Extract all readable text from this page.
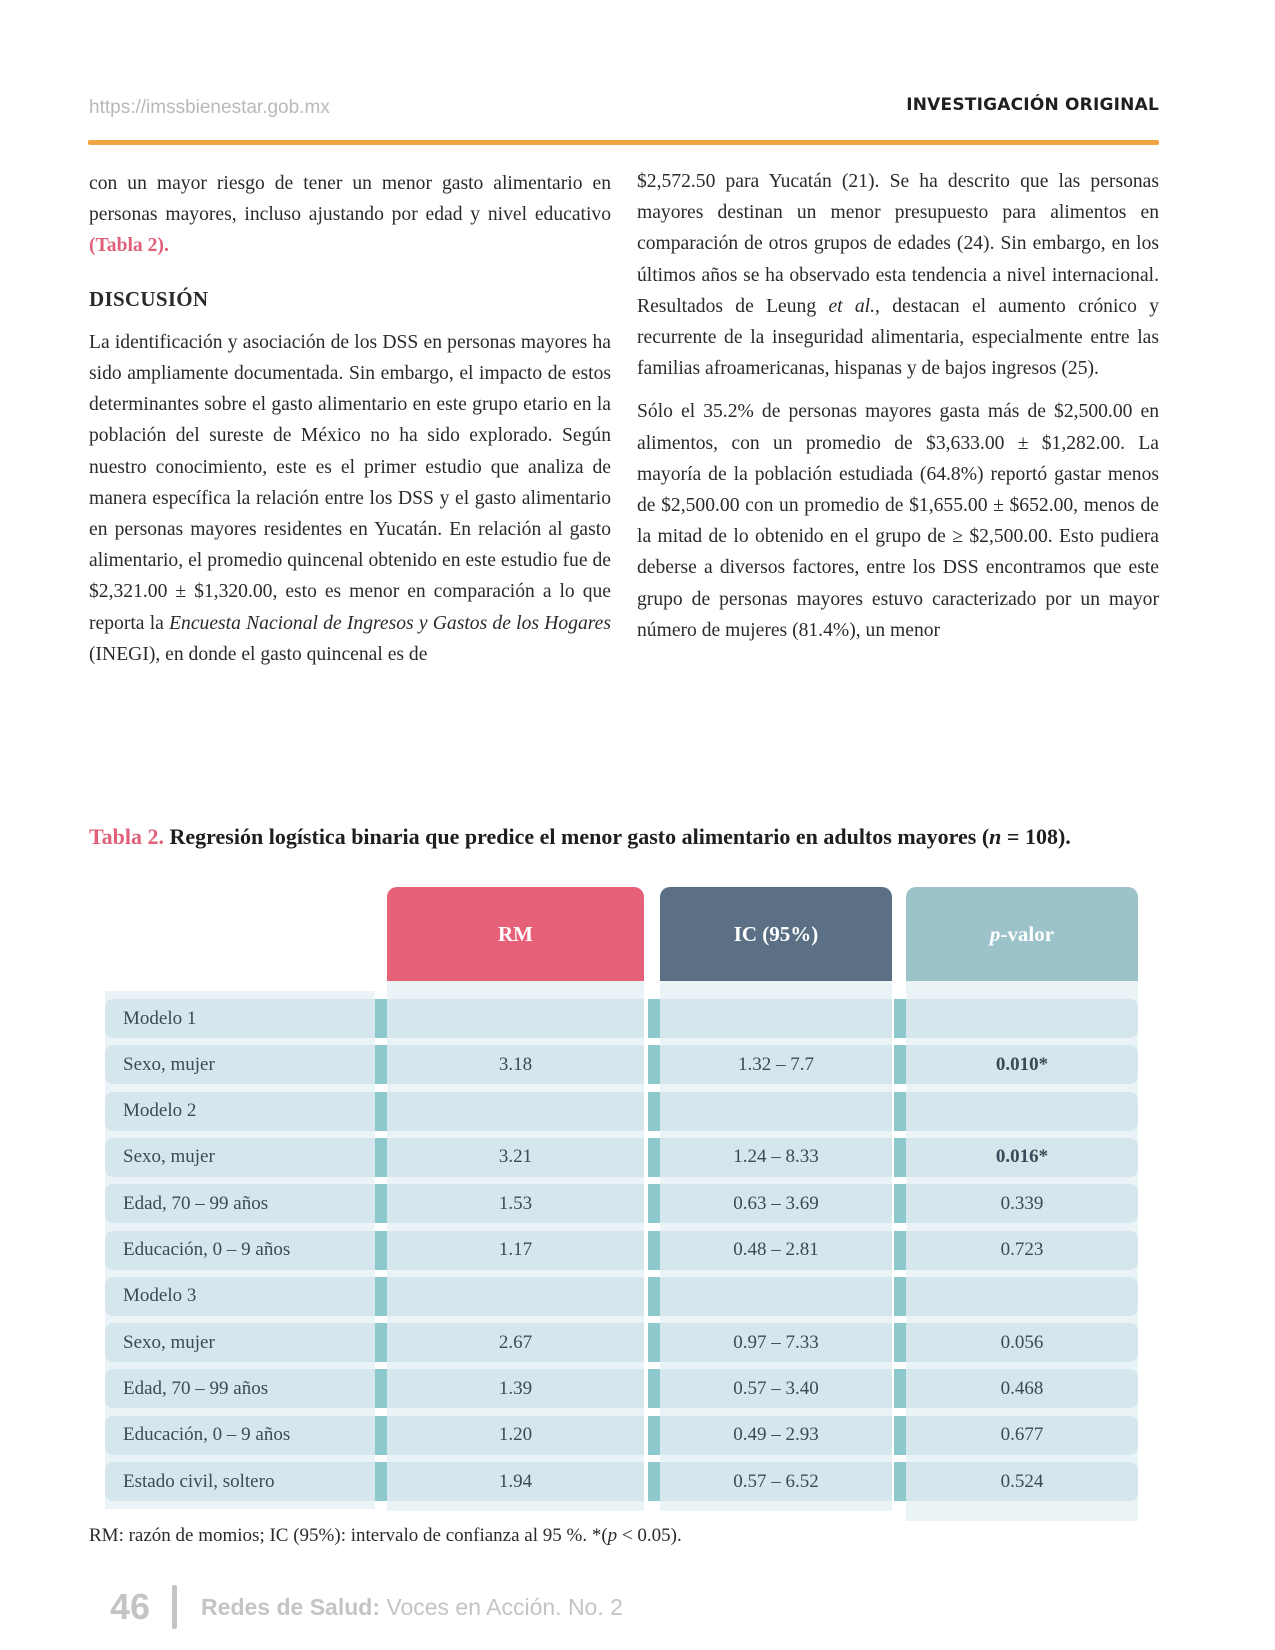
https://imssbienestar.gob.mx	INVESTIGACIÓN ORIGINAL

con un mayor riesgo de tener un menor gasto alimentario en personas mayores, incluso ajustando por edad y nivel educativo (Tabla 2).

DISCUSIÓN

La identificación y asociación de los DSS en personas mayores ha sido ampliamente documentada. Sin embargo, el impacto de estos determinantes sobre el gasto alimentario en este grupo etario en la población del sureste de México no ha sido explorado. Según nuestro conocimiento, este es el primer estudio que analiza de manera específica la relación entre los DSS y el gasto alimentario en personas mayores residentes en Yucatán. En relación al gasto alimentario, el promedio quincenal obtenido en este estudio fue de $2,321.00 ± $1,320.00, esto es menor en comparación a lo que reporta la Encuesta Nacional de Ingresos y Gastos de los Hogares (INEGI), en donde el gasto quincenal es de

$2,572.50 para Yucatán (21). Se ha descrito que las personas mayores destinan un menor presupuesto para alimentos en comparación de otros grupos de edades (24). Sin embargo, en los últimos años se ha observado esta tendencia a nivel internacional. Resultados de Leung et al., destacan el aumento crónico y recurrente de la inseguridad alimentaria, especialmente entre las familias afroamericanas, hispanas y de bajos ingresos (25).

Sólo el 35.2% de personas mayores gasta más de $2,500.00 en alimentos, con un promedio de $3,633.00 ± $1,282.00. La mayoría de la población estudiada (64.8%) reportó gastar menos de $2,500.00 con un promedio de $1,655.00 ± $652.00, menos de la mitad de lo obtenido en el grupo de ≥ $2,500.00. Esto pudiera deberse a diversos factores, entre los DSS encontramos que este grupo de personas mayores estuvo caracterizado por un mayor número de mujeres (81.4%), un menor

Tabla 2. Regresión logística binaria que predice el menor gasto alimentario en adultos mayores (n = 108).
RM	IC (95%)	p -valor
Modelo 1
Sexo, mujer	3.18	1.32 – 7.7	0.010*
Modelo 2
Sexo, mujer	3.21	1.24 – 8.33	0.016*
Edad, 70 – 99 años	1.53	0.63 – 3.69	0.339
Educación, 0 – 9 años	1.17	0.48 – 2.81	0.723
Modelo 3
Sexo, mujer	2.67	0.97 – 7.33	0.056
Edad, 70 – 99 años	1.39	0.57 – 3.40	0.468
Educación, 0 – 9 años	1.20	0.49 – 2.93	0.677
Estado civil, soltero	1.94	0.57 – 6.52	0.524
RM: razón de momios; IC (95%): intervalo de confianza al 95 %. *(p < 0.05).
46 Redes de Salud: Voces en Acción. No. 2
